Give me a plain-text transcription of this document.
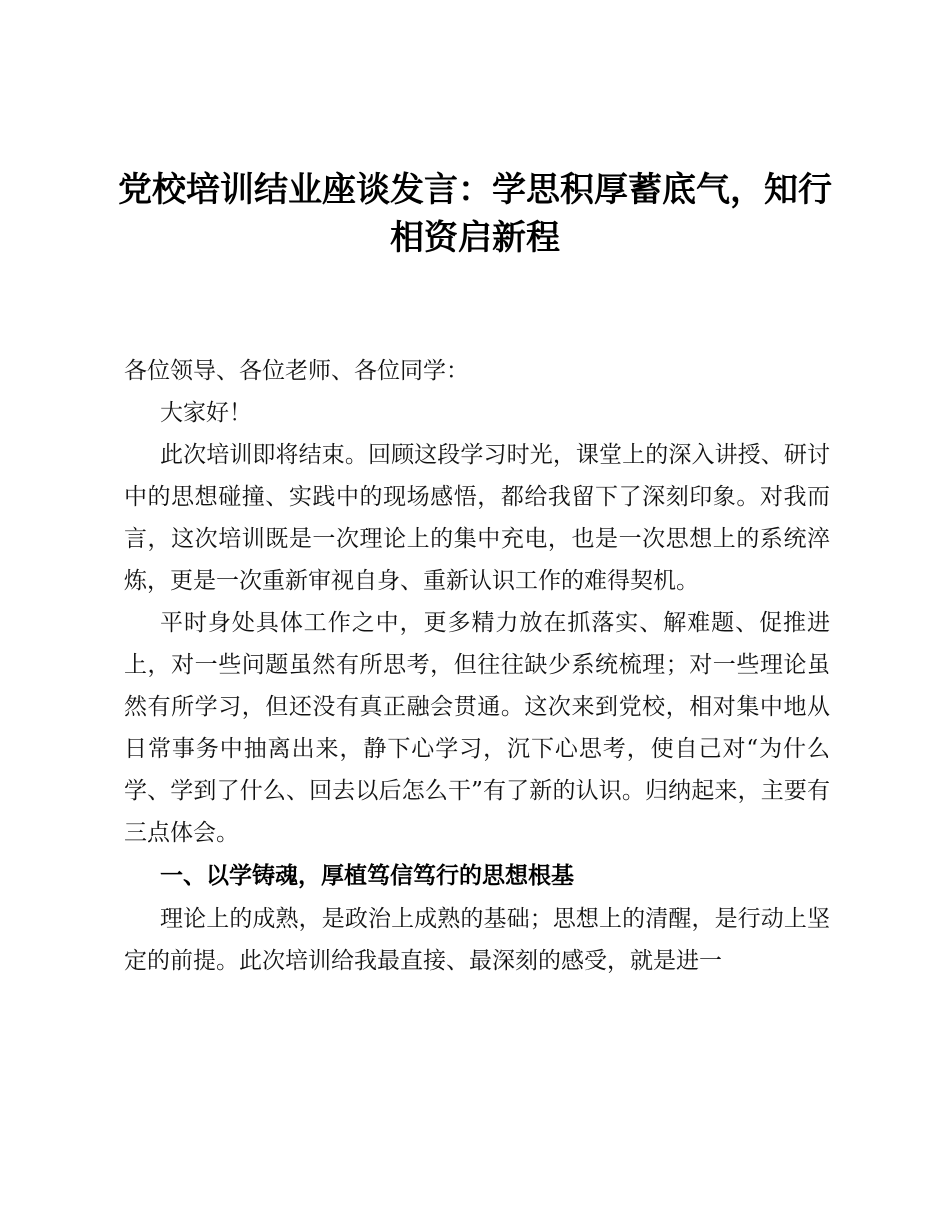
党校培训结业座谈发言：学思积厚蓄底气，知行相资启新程

各位领导、各位老师、各位同学：

大家好！

此次培训即将结束。回顾这段学习时光，课堂上的深入讲授、研讨中的思想碰撞、实践中的现场感悟，都给我留下了深刻印象。对我而言，这次培训既是一次理论上的集中充电，也是一次思想上的系统淬炼，更是一次重新审视自身、重新认识工作的难得契机。

平时身处具体工作之中，更多精力放在抓落实、解难题、促推进上，对一些问题虽然有所思考，但往往缺少系统梳理；对一些理论虽然有所学习，但还没有真正融会贯通。这次来到党校，相对集中地从日常事务中抽离出来，静下心学习，沉下心思考，使自己对“为什么学、学到了什么、回去以后怎么干”有了新的认识。归纳起来，主要有三点体会。

一、以学铸魂，厚植笃信笃行的思想根基

理论上的成熟，是政治上成熟的基础；思想上的清醒，是行动上坚定的前提。此次培训给我最直接、最深刻的感受，就是进一
